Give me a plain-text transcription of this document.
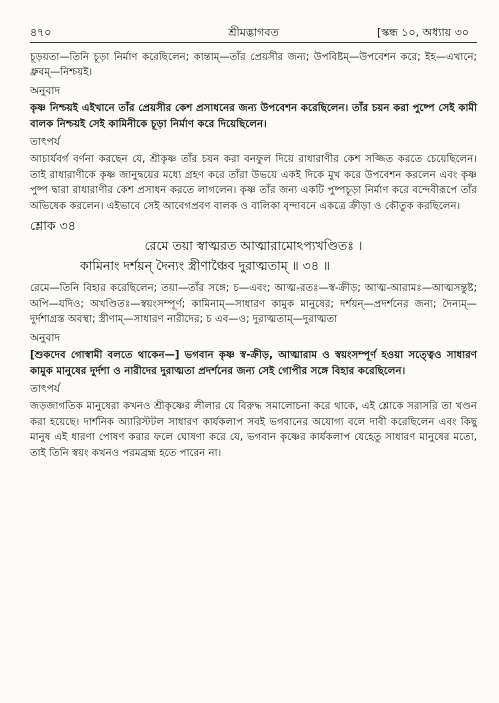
৪৭০	শ্রীমদ্ভাগবত	[স্কন্ধ ১০, অধ্যায় ৩০

চূড়য়তা—তিনি চূড়া নির্মাণ করেছিলেন; কান্তাম্—তাঁর প্রেয়সীর জন্য; উপবিষ্টম্—উপবেশন করে; ইহ—এখানে; ধ্রুবম্—নিশ্চয়ই।

অনুবাদ

কৃষ্ণ নিশ্চয়ই এইখানে তাঁর প্রেয়সীর কেশ প্রসাধনের জন্য উপবেশন করেছিলেন। তাঁর চয়ন করা পুষ্পে সেই কামী বালক নিশ্চয়ই সেই কামিনীকে চূড়া নির্মাণ করে দিয়েছিলেন।

তাৎপর্য

আচার্যবর্গ বর্ণনা করছেন যে, শ্রীকৃষ্ণ তাঁর চয়ন করা বনফুল দিয়ে রাধারাণীর কেশ সজ্জিত করতে চেয়েছিলেন। তাই রাধারাণীকে কৃষ্ণ জানুদ্বয়ের মধ্যে গ্রহণ করে তাঁরা উভয়ে একই দিকে মুখ করে উপবেশন করলেন এবং কৃষ্ণ পুষ্প দ্বারা রাধারাণীর কেশ প্রসাধন করতে লাগলেন। কৃষ্ণ তাঁর জন্য একটি পুষ্পচূড়া নির্মাণ করে বন্দেবীরূপে তাঁর অভিষেক করলেন। এইভাবে সেই আবেগপ্রবণ বালক ও বালিকা বৃন্দাবনে একত্রে ক্রীড়া ও কৌতুক করছিলেন।

শ্লোক ৩৪

রেমে তয়া স্বাত্মরত আত্মারামোঽপ্যখণ্ডিতঃ ।

কামিনাং দর্শয়ন্ দৈন্যং স্ত্রীণাঞ্চৈব দুরাত্মতাম্ ॥ ৩৪ ॥

রেমে—তিনি বিহার করেছিলেন; তয়া—তাঁর সঙ্গে; চ—এবং; আত্ম-রতঃ—স্ব-ক্রীড়; আত্ম-আরামঃ—আত্মসন্তুষ্ট; অপি—যদিও; অখণ্ডিতঃ—স্বয়ংসম্পূর্ণ; কামিনাম্—সাধারণ কামুক মানুষের; দর্শয়ন্—প্রদর্শনের জন্য; দৈন্যম্—দুর্দশাগ্রস্ত অবস্থা; স্ত্রীণাম্—সাধারণ নারীদের; চ এব—ও; দুরাত্মতাম্—দুরাত্মতা

অনুবাদ

[শুকদেব গোস্বামী বলতে থাকেন—] ভগবান কৃষ্ণ স্ব-ক্রীড়, আত্মারাম ও স্বয়ংসম্পূর্ণ হওয়া সত্ত্বেও সাধারণ কামুক মানুষের দুর্দশা ও নারীদের দুরাত্মতা প্রদর্শনের জন্য সেই গোপীর সঙ্গে বিহার করেছিলেন।

তাৎপর্য

জড়জাগতিক মানুষেরা কখনও শ্রীকৃষ্ণের লীলার যে বিরুদ্ধ সমালোচনা করে থাকে, এই শ্লোকে সরাসরি তা খণ্ডন করা হয়েছে। দার্শনিক অ্যারিস্টটল সাধারণ কার্যকলাপ সবই ভগবানের অযোগ্য বলে দাবী করেছিলেন এবং কিছু মানুষ এই ধারণা পোষণ করার ফলে ঘোষণা করে যে, ভগবান কৃষ্ণের কার্যকলাপ যেহেতু সাধারণ মানুষের মতো, তাই তিনি স্বয়ং কখনও পরমব্রহ্ম হতে পারেন না।
